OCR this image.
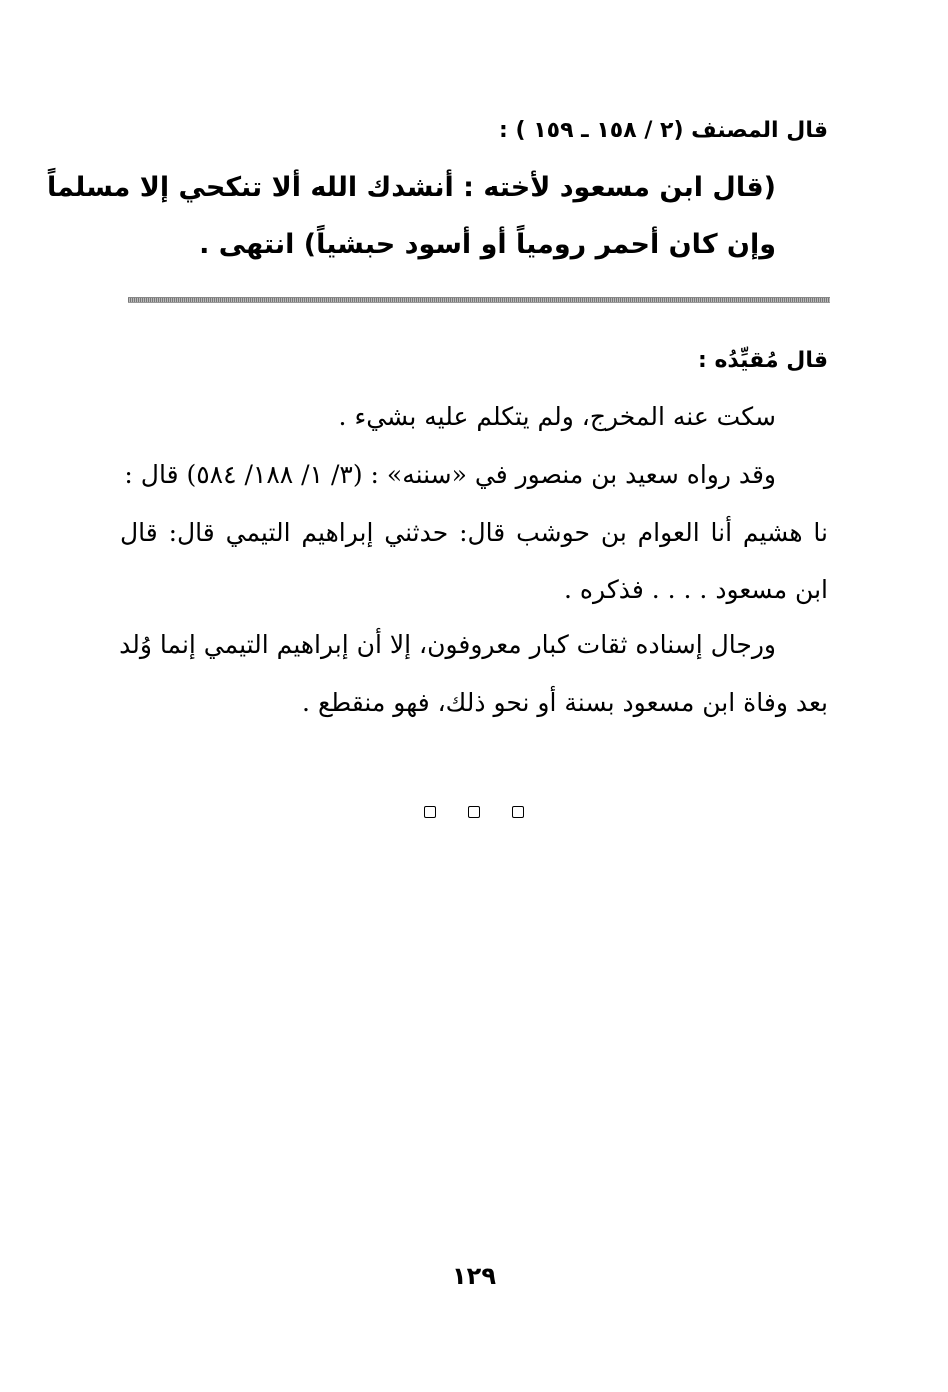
قال المصنف (٢ / ١٥٨ ـ ١٥٩ ) :
(قال ابن مسعود لأخته : أنشدك الله ألا تنكحي إلا مسلماً
وإن كان أحمر رومياً أو أسود حبشياً) انتهى .
قال مُقيِّدُه :
سكت عنه المخرج، ولم يتكلم عليه بشيء .
وقد رواه سعيد بن منصور في «سننه» : (٣/ ١/ ١٨٨/ ٥٨٤) قال :
نا هشيم أنا العوام بن حوشب قال: حدثني إبراهيم التيمي قال: قال
ابن مسعود . . . . فذكره .
ورجال إسناده ثقات كبار معروفون، إلا أن إبراهيم التيمي إنما وُلد
بعد وفاة ابن مسعود بسنة أو نحو ذلك، فهو منقطع .

١٢٩
